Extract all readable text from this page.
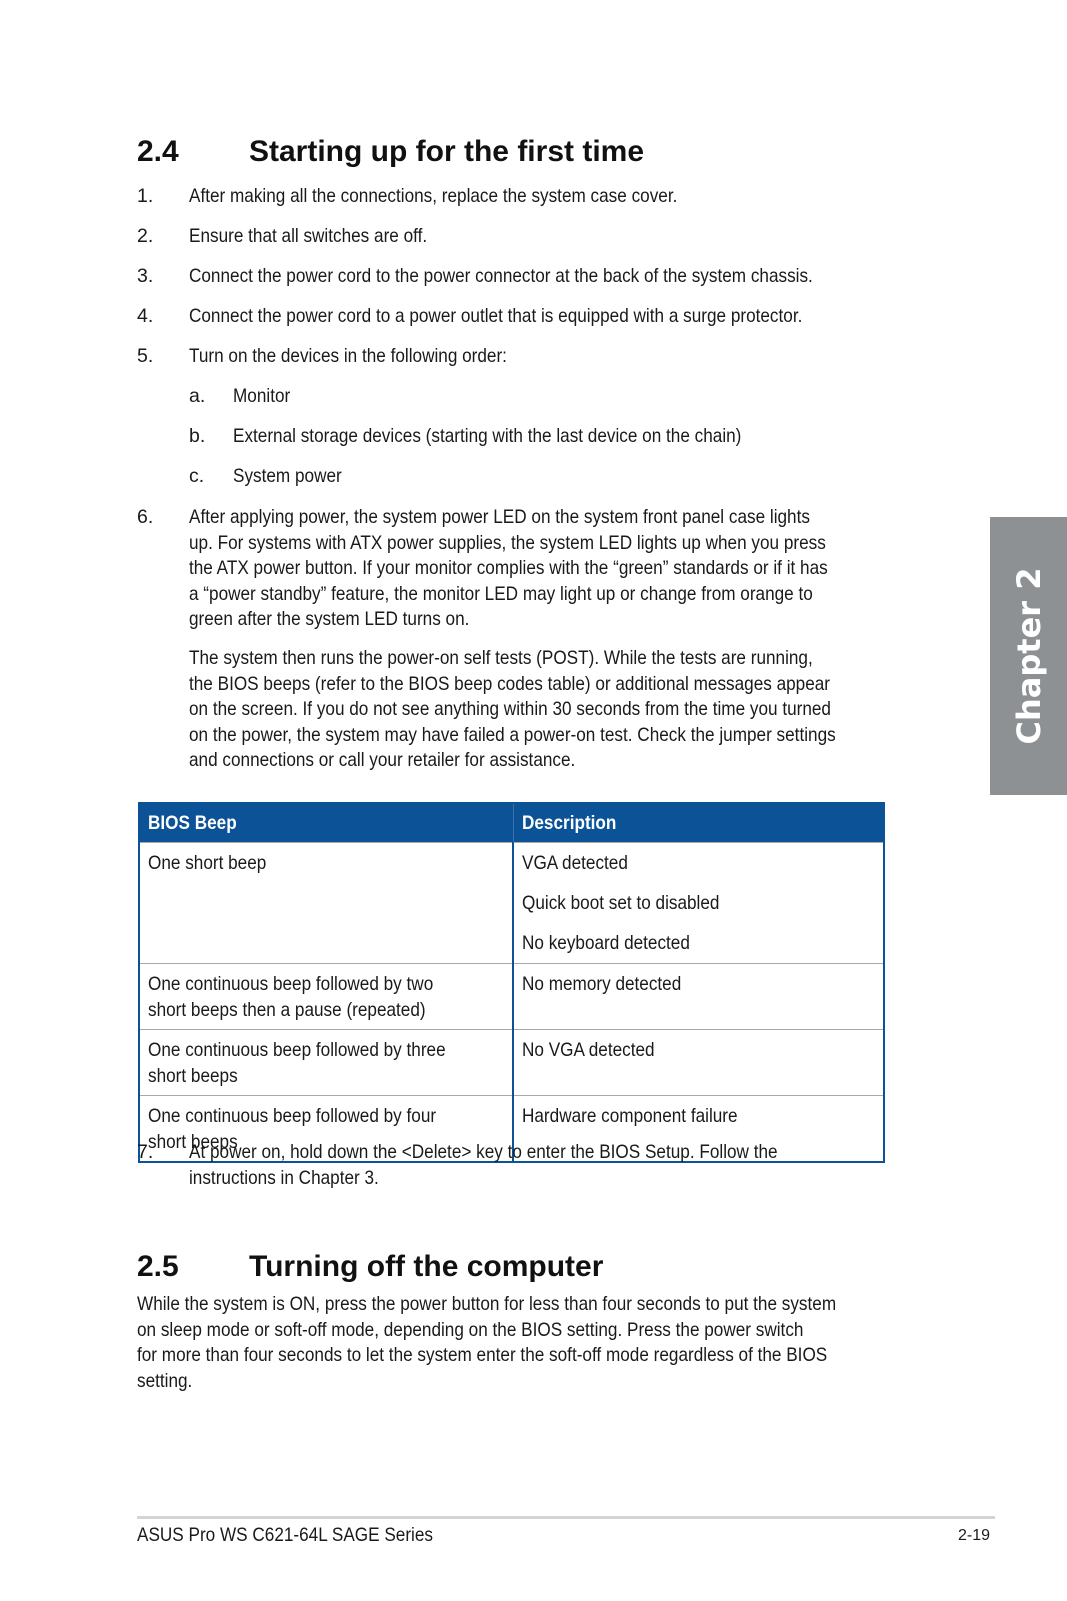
2.4 Starting up for the first time
1. After making all the connections, replace the system case cover.
2. Ensure that all switches are off.
3. Connect the power cord to the power connector at the back of the system chassis.
4. Connect the power cord to a power outlet that is equipped with a surge protector.
5. Turn on the devices in the following order:
a. Monitor
b. External storage devices (starting with the last device on the chain)
c. System power
6. After applying power, the system power LED on the system front panel case lights
up. For systems with ATX power supplies, the system LED lights up when you press
the ATX power button. If your monitor complies with the “green” standards or if it has
a “power standby” feature, the monitor LED may light up or change from orange to
green after the system LED turns on.
The system then runs the power-on self tests (POST). While the tests are running,
the BIOS beeps (refer to the BIOS beep codes table) or additional messages appear
on the screen. If you do not see anything within 30 seconds from the time you turned
on the power, the system may have failed a power-on test. Check the jumper settings
and connections or call your retailer for assistance.
BIOS Beep	Description
One short beep	VGA detected
Quick boot set to disabled
No keyboard detected

One continuous beep followed by two
short beeps then a pause (repeated)	No memory detected
One continuous beep followed by three
short beeps	No VGA detected
One continuous beep followed by four
short beeps	Hardware component failure
7. At power on, hold down the <Delete> key to enter the BIOS Setup. Follow the
instructions in Chapter 3.
2.5 Turning off the computer
While the system is ON, press the power button for less than four seconds to put the system
on sleep mode or soft-off mode, depending on the BIOS setting. Press the power switch
for more than four seconds to let the system enter the soft-off mode regardless of the BIOS
setting.
Chapter 2
ASUS Pro WS C621-64L SAGE Series	2-19
